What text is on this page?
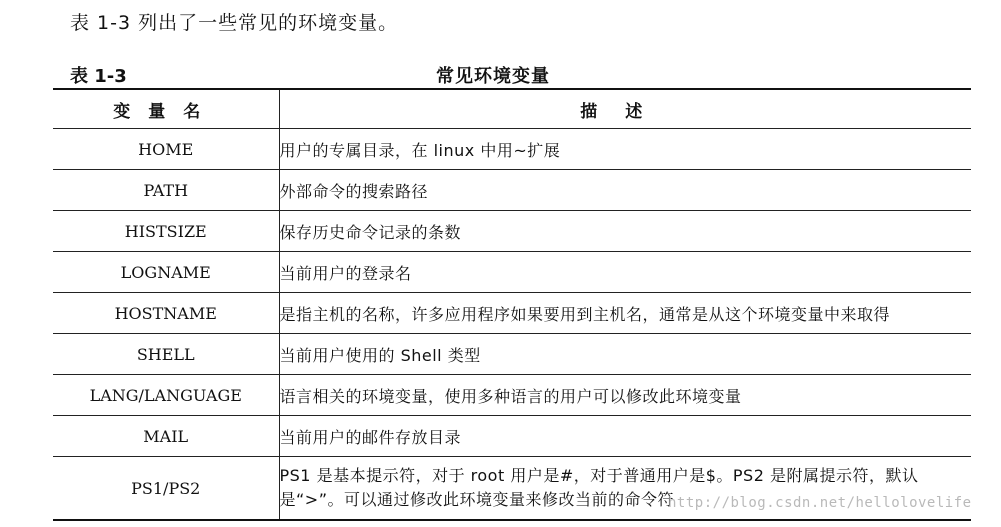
表 1-3 列出了一些常见的环境变量。
表 1-3	常见环境变量
变量名	描述
HOME	用户的专属目录，在 linux 中用~扩展
PATH	外部命令的搜索路径
HISTSIZE	保存历史命令记录的条数
LOGNAME	当前用户的登录名
HOSTNAME	是指主机的名称，许多应用程序如果要用到主机名，通常是从这个环境变量中来取得
SHELL	当前用户使用的 Shell 类型
LANG/LANGUAGE	语言相关的环境变量，使用多种语言的用户可以修改此环境变量
MAIL	当前用户的邮件存放目录
PS1/PS2	PS1 是基本提示符，对于 root 用户是#，对于普通用户是$。PS2 是附属提示符，默认是“>”。可以通过修改此环境变量来修改当前的命令符
http://blog.csdn.net/hellolovelife
